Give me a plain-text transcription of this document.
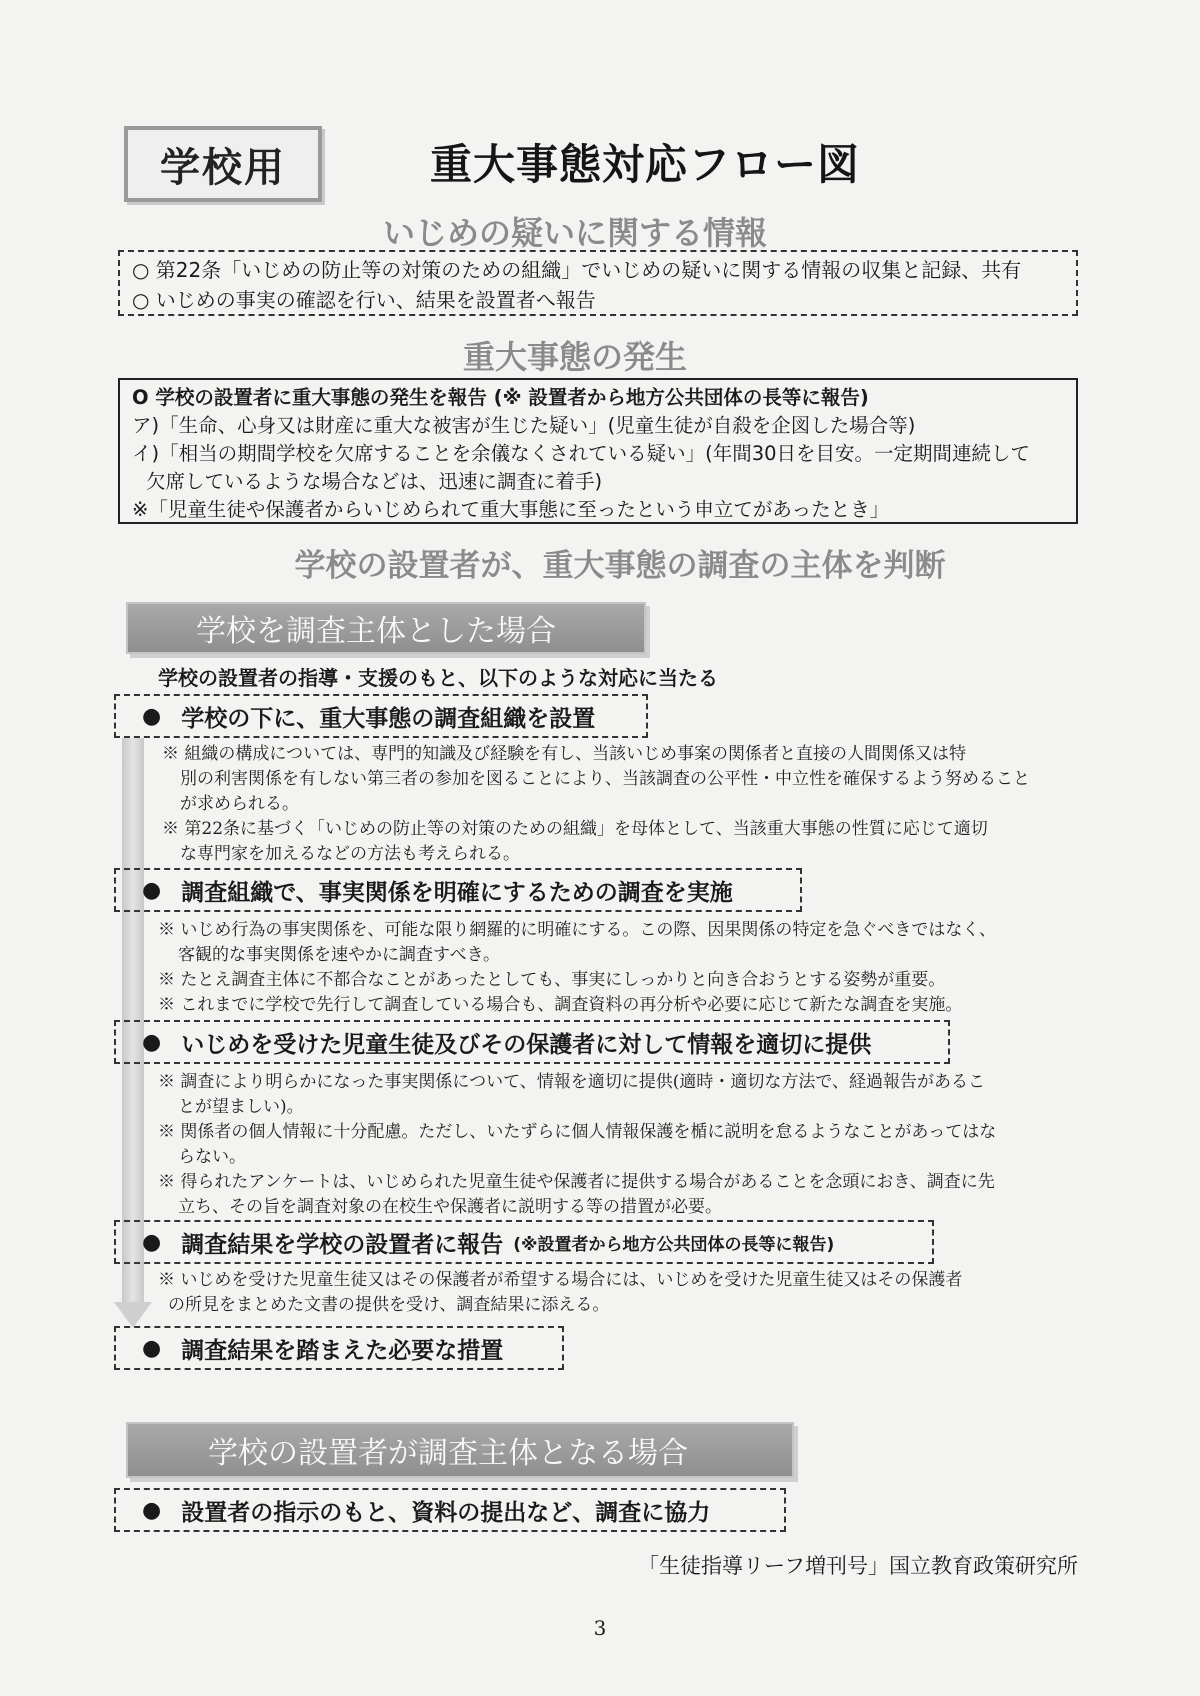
学校用	重大事態対応フロー図
いじめの疑いに関する情報
○ 第22条「いじめの防止等の対策のための組織」でいじめの疑いに関する情報の収集と記録、共有
○ いじめの事実の確認を行い、結果を設置者へ報告
重大事態の発生
O 学校の設置者に重大事態の発生を報告 (※ 設置者から地方公共団体の長等に報告)
ア)「生命、心身又は財産に重大な被害が生じた疑い」(児童生徒が自殺を企図した場合等)
イ)「相当の期間学校を欠席することを余儀なくされている疑い」(年間30日を目安。一定期間連続して
欠席しているような場合などは、迅速に調査に着手)
※「児童生徒や保護者からいじめられて重大事態に至ったという申立てがあったとき」
学校の設置者が、重大事態の調査の主体を判断
学校を調査主体とした場合
学校の設置者の指導・支援のもと、以下のような対応に当たる
● 学校の下に、重大事態の調査組織を設置
※ 組織の構成については、専門的知識及び経験を有し、当該いじめ事案の関係者と直接の人間関係又は特
別の利害関係を有しない第三者の参加を図ることにより、当該調査の公平性・中立性を確保するよう努めること
が求められる。
※ 第22条に基づく「いじめの防止等の対策のための組織」を母体として、当該重大事態の性質に応じて適切
な専門家を加えるなどの方法も考えられる。
● 調査組織で、事実関係を明確にするための調査を実施
※ いじめ行為の事実関係を、可能な限り網羅的に明確にする。この際、因果関係の特定を急ぐべきではなく、
客観的な事実関係を速やかに調査すべき。
※ たとえ調査主体に不都合なことがあったとしても、事実にしっかりと向き合おうとする姿勢が重要。
※ これまでに学校で先行して調査している場合も、調査資料の再分析や必要に応じて新たな調査を実施。
● いじめを受けた児童生徒及びその保護者に対して情報を適切に提供
※ 調査により明らかになった事実関係について、情報を適切に提供(適時・適切な方法で、経過報告があるこ
とが望ましい)。
※ 関係者の個人情報に十分配慮。ただし、いたずらに個人情報保護を楯に説明を怠るようなことがあってはな
らない。
※ 得られたアンケートは、いじめられた児童生徒や保護者に提供する場合があることを念頭におき、調査に先
立ち、その旨を調査対象の在校生や保護者に説明する等の措置が必要。
● 調査結果を学校の設置者に報告 (※設置者から地方公共団体の長等に報告)
※ いじめを受けた児童生徒又はその保護者が希望する場合には、いじめを受けた児童生徒又はその保護者
の所見をまとめた文書の提供を受け、調査結果に添える。
● 調査結果を踏まえた必要な措置
学校の設置者が調査主体となる場合
● 設置者の指示のもと、資料の提出など、調査に協力
「生徒指導リーフ増刊号」国立教育政策研究所
3
